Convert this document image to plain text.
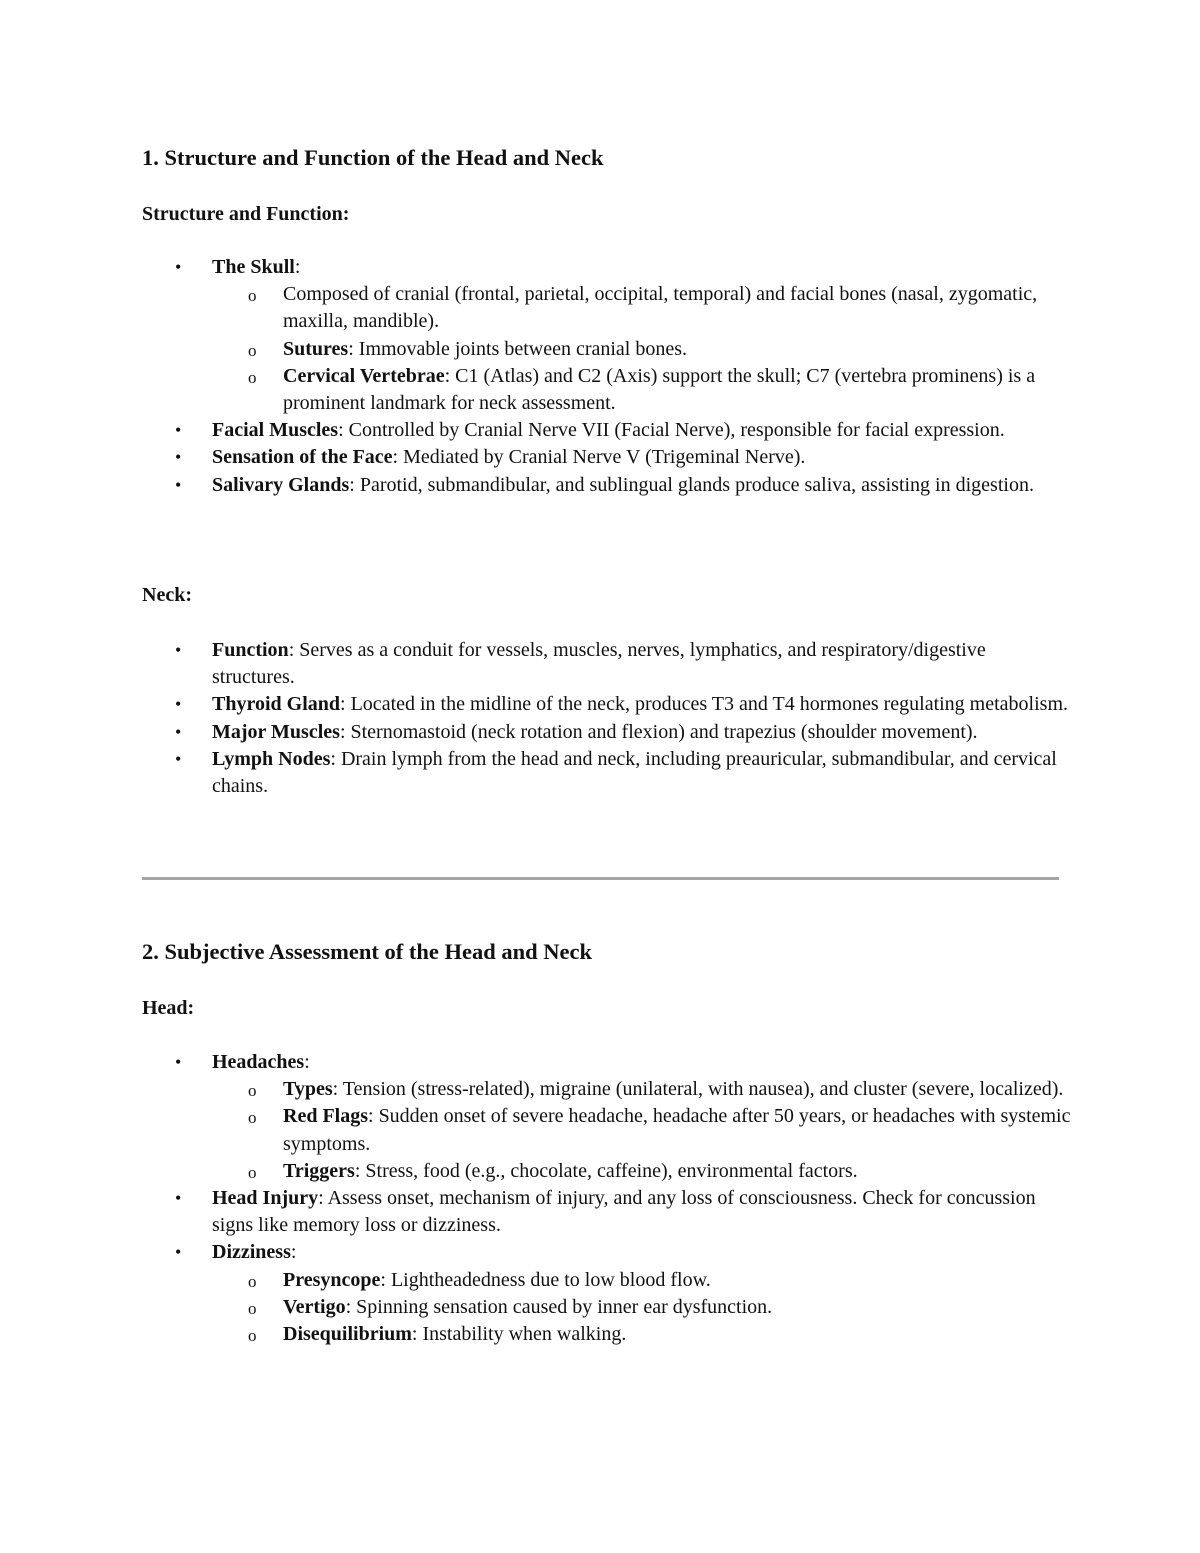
1. Structure and Function of the Head and Neck
Structure and Function:
• The Skull:
o Composed of cranial (frontal, parietal, occipital, temporal) and facial bones (nasal, zygomatic, maxilla, mandible).
o Sutures: Immovable joints between cranial bones.
o Cervical Vertebrae: C1 (Atlas) and C2 (Axis) support the skull; C7 (vertebra prominens) is a prominent landmark for neck assessment.
• Facial Muscles: Controlled by Cranial Nerve VII (Facial Nerve), responsible for facial expression.
• Sensation of the Face: Mediated by Cranial Nerve V (Trigeminal Nerve).
• Salivary Glands: Parotid, submandibular, and sublingual glands produce saliva, assisting in digestion.
Neck:
• Function: Serves as a conduit for vessels, muscles, nerves, lymphatics, and respiratory/digestive structures.
• Thyroid Gland: Located in the midline of the neck, produces T3 and T4 hormones regulating metabolism.
• Major Muscles: Sternomastoid (neck rotation and flexion) and trapezius (shoulder movement).
• Lymph Nodes: Drain lymph from the head and neck, including preauricular, submandibular, and cervical chains.
2. Subjective Assessment of the Head and Neck
Head:
• Headaches:
o Types: Tension (stress-related), migraine (unilateral, with nausea), and cluster (severe, localized).
o Red Flags: Sudden onset of severe headache, headache after 50 years, or headaches with systemic symptoms.
o Triggers: Stress, food (e.g., chocolate, caffeine), environmental factors.
• Head Injury: Assess onset, mechanism of injury, and any loss of consciousness. Check for concussion signs like memory loss or dizziness.
• Dizziness:
o Presyncope: Lightheadedness due to low blood flow.
o Vertigo: Spinning sensation caused by inner ear dysfunction.
o Disequilibrium: Instability when walking.
